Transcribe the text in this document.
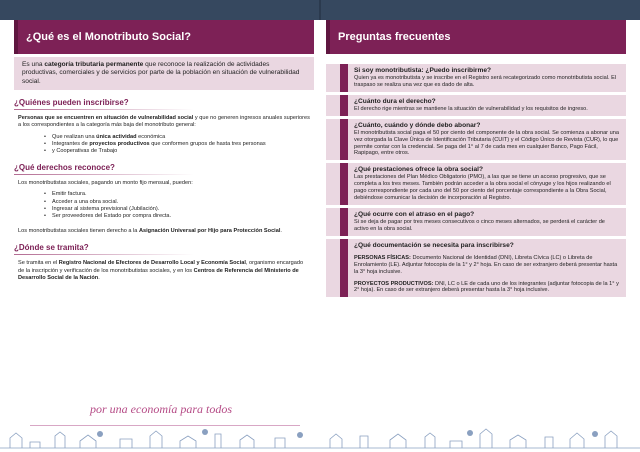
¿Qué es el Monotributo Social?
Es una categoría tributaria permanente que reconoce la realización de actividades productivas, comerciales y de servicios por parte de la población en situación de vulnerabilidad social.
¿Quiénes pueden inscribirse?
Personas que se encuentren en situación de vulnerabilidad social y que no generen ingresos anuales superiores a los correspondientes a la categoría más baja del monotributo general:
• Que realizan una única actividad económica
• Integrantes de proyectos productivos que conformen grupos de hasta tres personas
• y Cooperativas de Trabajo
¿Qué derechos reconoce?
Los monotributistas sociales, pagando un monto fijo mensual, pueden:
• Emitir factura.
• Acceder a una obra social.
• Ingresar al sistema previsional (Jubilación).
• Ser proveedores del Estado por compra directa.
Los monotributistas sociales tienen derecho a la Asignación Universal por Hijo para Protección Social.
¿Dónde se tramita?
Se tramita en el Registro Nacional de Efectores de Desarrollo Local y Economía Social, organismo encargado de la inscripción y verificación de los monotributistas sociales, y en los Centros de Referencia del Ministerio de Desarrollo Social de la Nación.
Preguntas frecuentes
Si soy monotributista: ¿Puedo inscribirme?
Quien ya es monotributista y se inscribe en el Registro será recategorizado como monotributista social. El traspaso se realiza una vez que es dado de alta.
¿Cuánto dura el derecho?
El derecho rige mientras se mantiene la situación de vulnerabilidad y los requisitos de ingreso.
¿Cuánto, cuándo y dónde debo abonar?
El monotributista social paga el 50 por ciento del componente de la obra social. Se comienza a abonar una vez otorgada la Clave Única de Identificación Tributaria (CUIT) y el Código Único de Revista (CUR), lo que permite contar con la credencial. Se paga del 1° al 7 de cada mes en cualquier Banco, Pago Fácil, Rapipago, entre otros.
¿Qué prestaciones ofrece la obra social?
Las prestaciones del Plan Médico Obligatorio (PMO), a las que se tiene un acceso progresivo, que se completa a los tres meses. También podrán acceder a la obra social el cónyuge y los hijos realizando el pago correspondiente por cada uno del 50 por ciento del porcentaje correspondiente a la Obra Social, debiéndose comunicar la decisión de incorporación al Registro.
¿Qué ocurre con el atraso en el pago?
Si se deja de pagar por tres meses consecutivos o cinco meses alternados, se perderá el carácter de activo en la obra social.
¿Qué documentación se necesita para inscribirse?
PERSONAS FÍSICAS: Documento Nacional de Identidad (DNI), Libreta Cívica (LC) o Libreta de Enrolamiento (LE). Adjuntar fotocopia de la 1° y 2° hoja. En caso de ser extranjero deberá presentar hasta la 3° hoja inclusive.
PROYECTOS PRODUCTIVOS: DNI, LC o LE de cada uno de los integrantes (adjuntar fotocopia de la 1° y 2° hoja). En caso de ser extranjero deberá presentar hasta la 3° hoja inclusive.
por una economía para todos
